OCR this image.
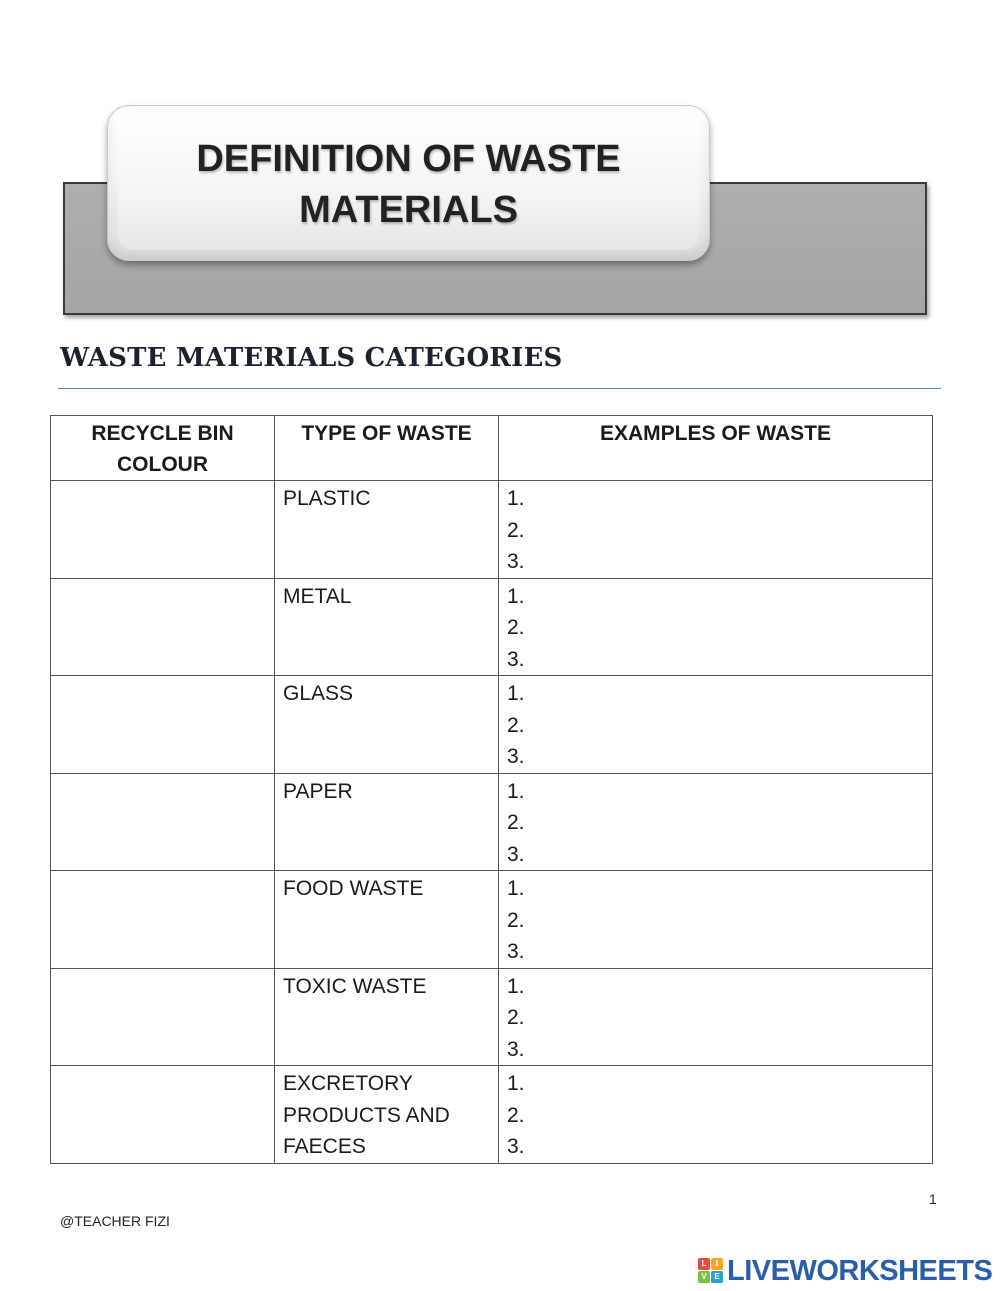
DEFINITION OF WASTE
MATERIALS
WASTE MATERIALS CATEGORIES
RECYCLE BIN COLOUR	TYPE OF WASTE	EXAMPLES OF WASTE
	PLASTIC	1.
2.
3.

	METAL	1.
2.
3.

	GLASS	1.
2.
3.

	PAPER	1.
2.
3.

	FOOD WASTE	1.
2.
3.

	TOXIC WASTE	1.
2.
3.

	EXCRETORY PRODUCTS AND FAECES	1.
2.
3.
1
@TEACHER FIZI
L	I
V E LIVEWORKSHEETS
